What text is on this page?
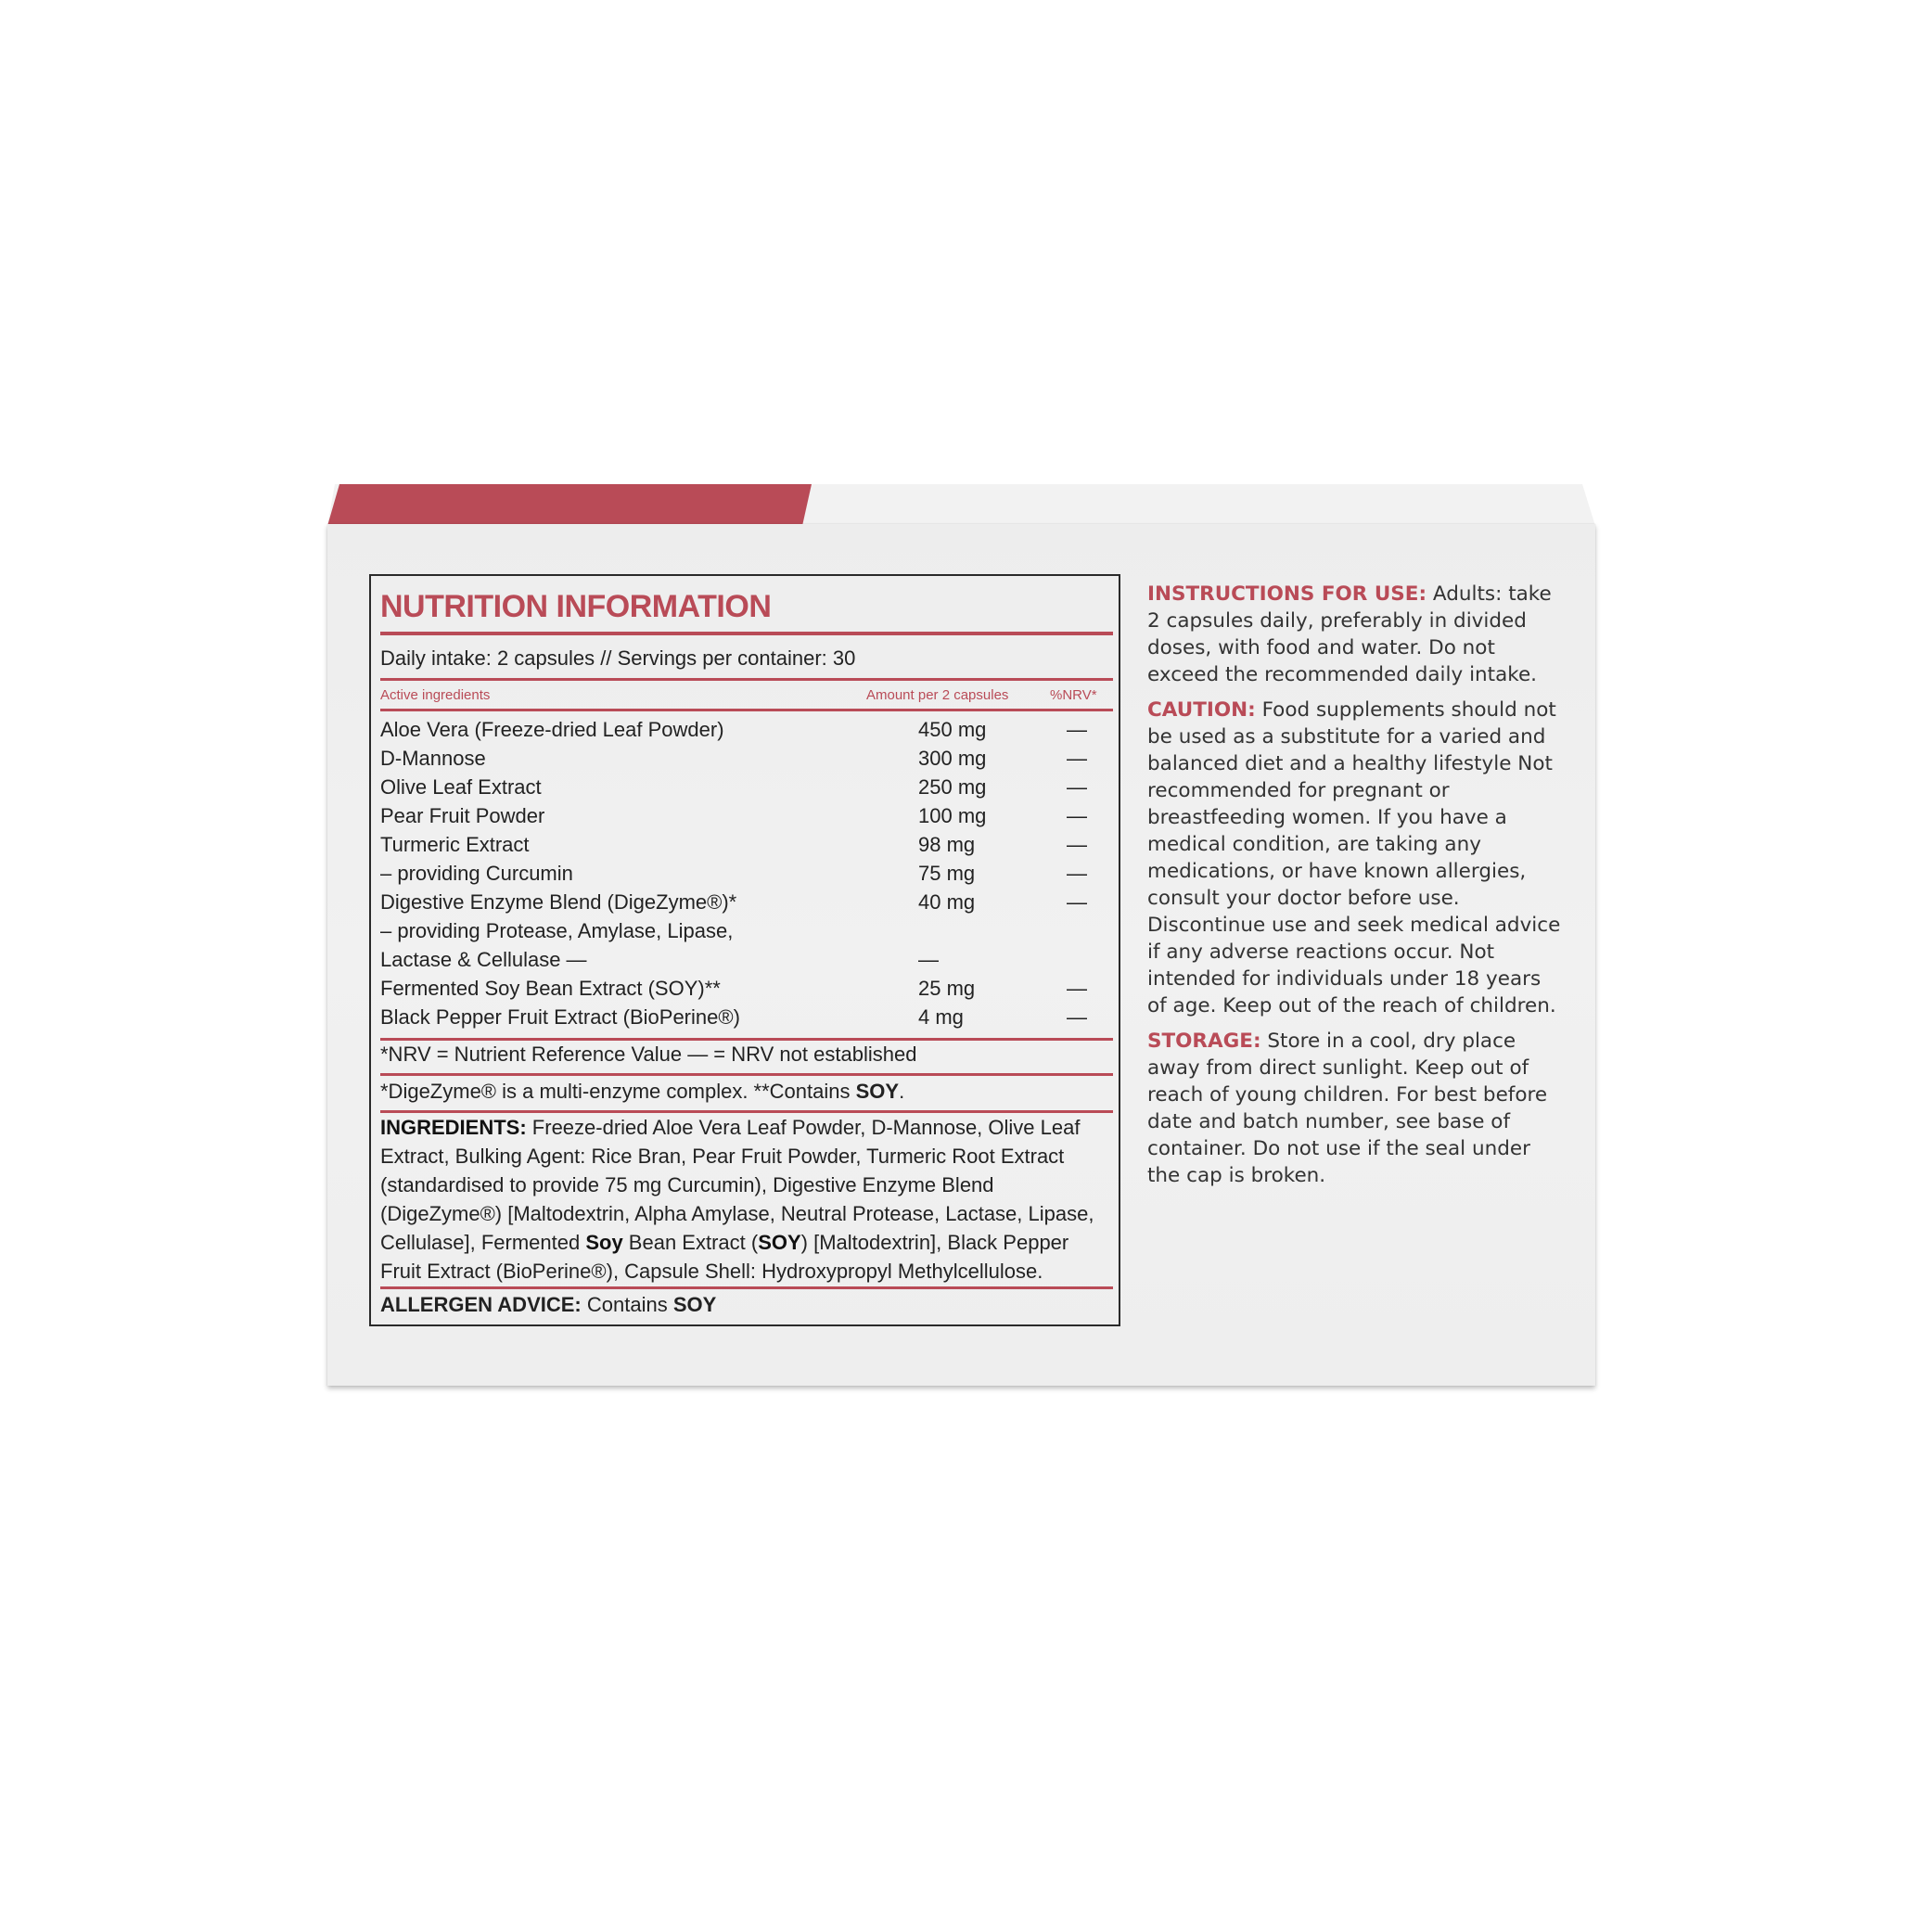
NUTRITION INFORMATION
Daily intake: 2 capsules // Servings per container: 30
Active ingredients	Amount per 2 capsules	%NRV*
Aloe Vera (Freeze-dried Leaf Powder)	450 mg	—
D-Mannose	300 mg	—
Olive Leaf Extract	250 mg	—
Pear Fruit Powder	100 mg	—
Turmeric Extract	98 mg	—
– providing Curcumin	75 mg	—
Digestive Enzyme Blend (DigeZyme®)*	40 mg	—
– providing Protease, Amylase, Lipase,
Lactase & Cellulase —	—
Fermented Soy Bean Extract (SOY)**	25 mg	—
Black Pepper Fruit Extract (BioPerine®)	4 mg	—
*NRV = Nutrient Reference Value — = NRV not established
*DigeZyme® is a multi-enzyme complex. **Contains SOY.
INGREDIENTS: Freeze-dried Aloe Vera Leaf Powder, D-Mannose, Olive Leaf Extract, Bulking Agent: Rice Bran, Pear Fruit Powder, Turmeric Root Extract (standardised to provide 75 mg Curcumin), Digestive Enzyme Blend (DigeZyme®) [Maltodextrin, Alpha Amylase, Neutral Protease, Lactase, Lipase, Cellulase], Fermented Soy Bean Extract (SOY) [Maltodextrin], Black Pepper Fruit Extract (BioPerine®), Capsule Shell: Hydroxypropyl Methylcellulose.
ALLERGEN ADVICE: Contains SOY

INSTRUCTIONS FOR USE: Adults: take 2 capsules daily, preferably in divided doses, with food and water. Do not exceed the recommended daily intake.

CAUTION: Food supplements should not be used as a substitute for a varied and balanced diet and a healthy lifestyle Not recommended for pregnant or breastfeeding women. If you have a medical condition, are taking any medications, or have known allergies, consult your doctor before use. Discontinue use and seek medical advice if any adverse reactions occur. Not intended for individuals under 18 years of age. Keep out of the reach of children.

STORAGE: Store in a cool, dry place away from direct sunlight. Keep out of reach of young children. For best before date and batch number, see base of container. Do not use if the seal under the cap is broken.
